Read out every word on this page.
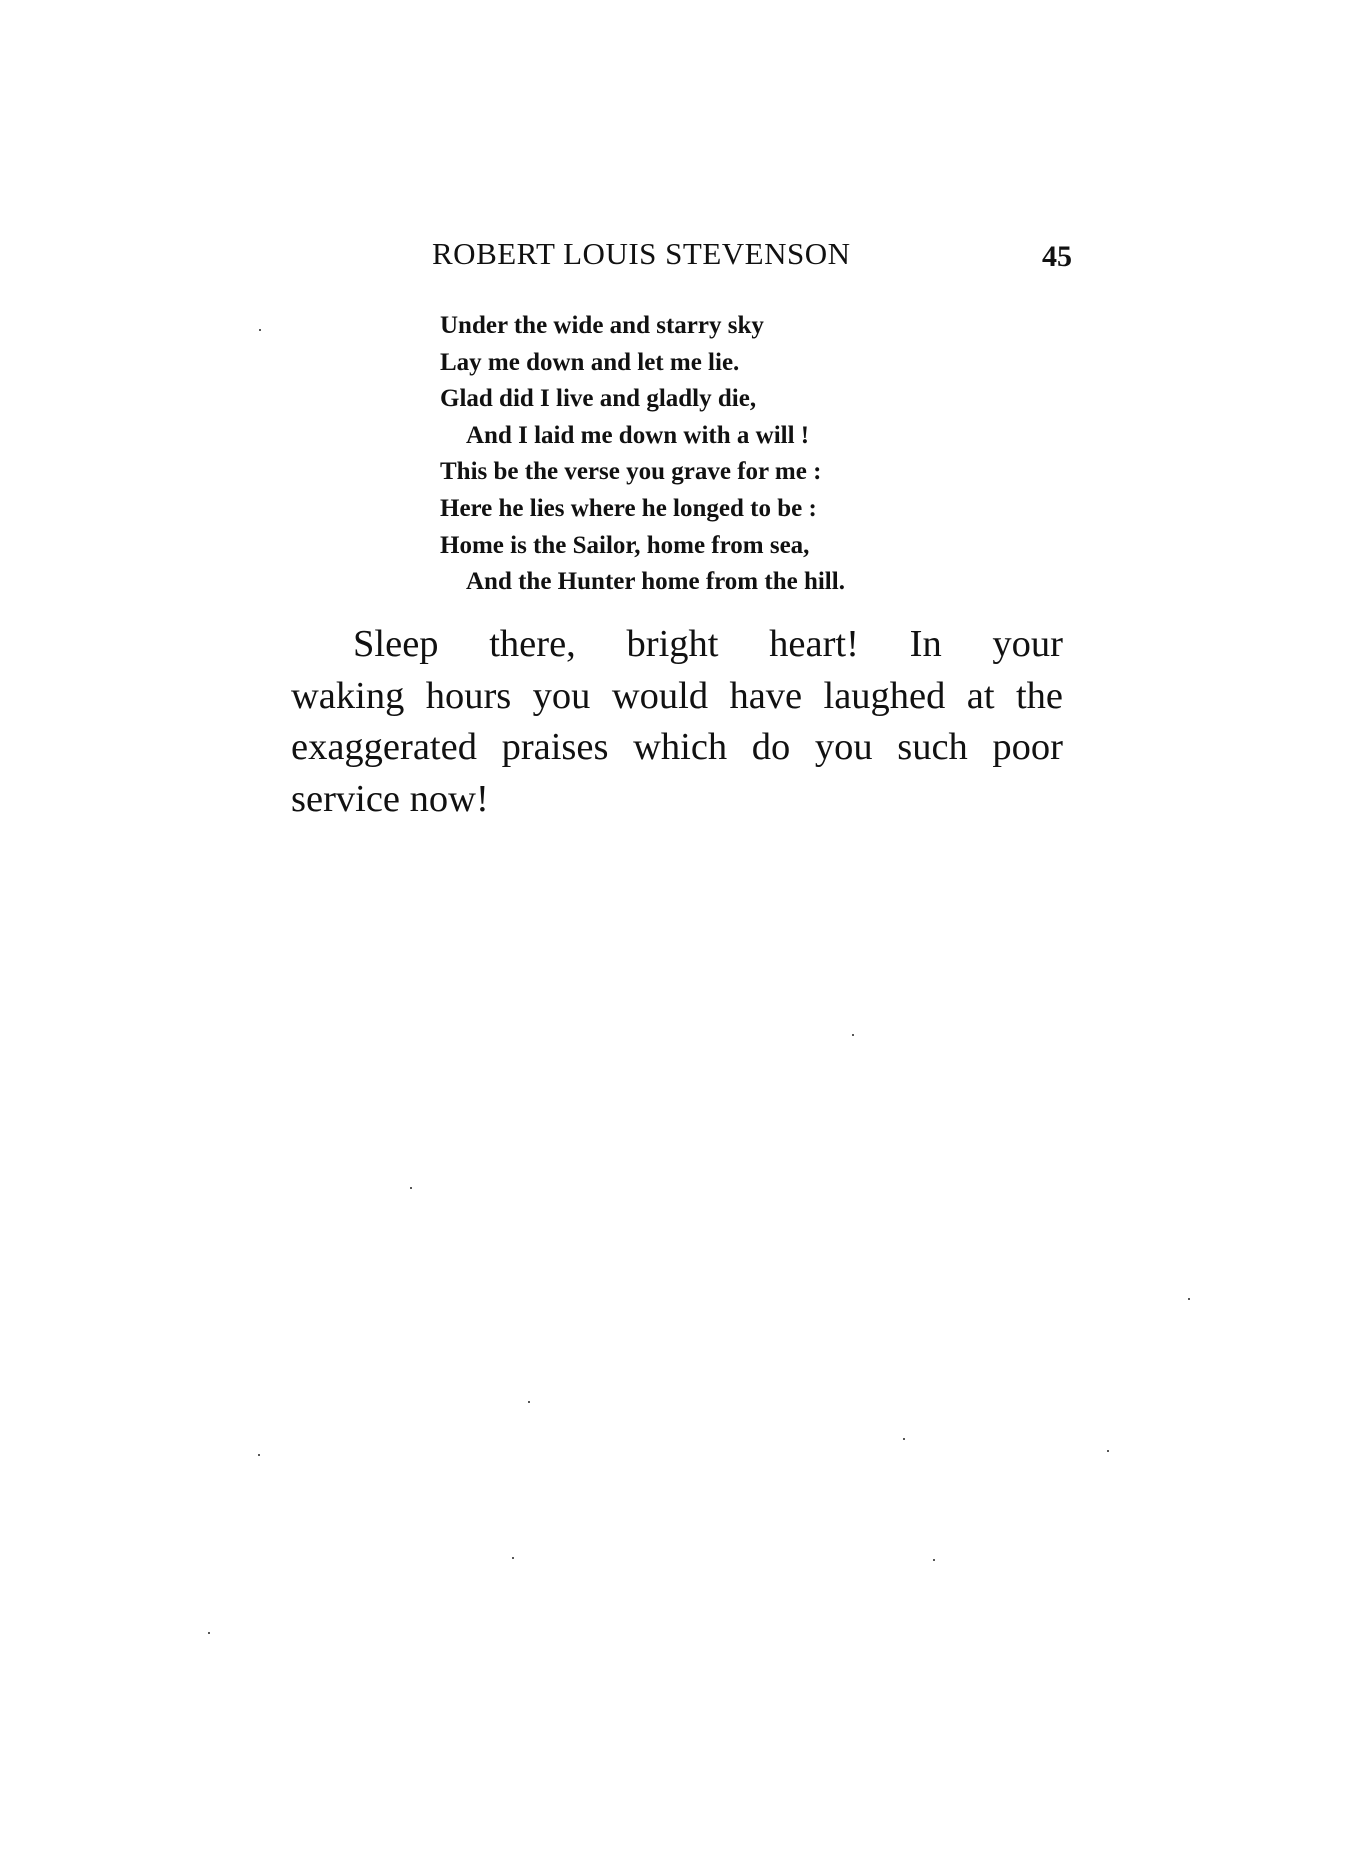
ROBERT LOUIS STEVENSON	45
Under the wide and starry sky
Lay me down and let me lie.
Glad did I live and gladly die,
And I laid me down with a will !
This be the verse you grave for me :
Here he lies where he longed to be :
Home is the Sailor, home from sea,
And the Hunter home from the hill.
Sleep there, bright heart! In your
waking hours you would have laughed at the
exaggerated praises which do you such poor
service now!
